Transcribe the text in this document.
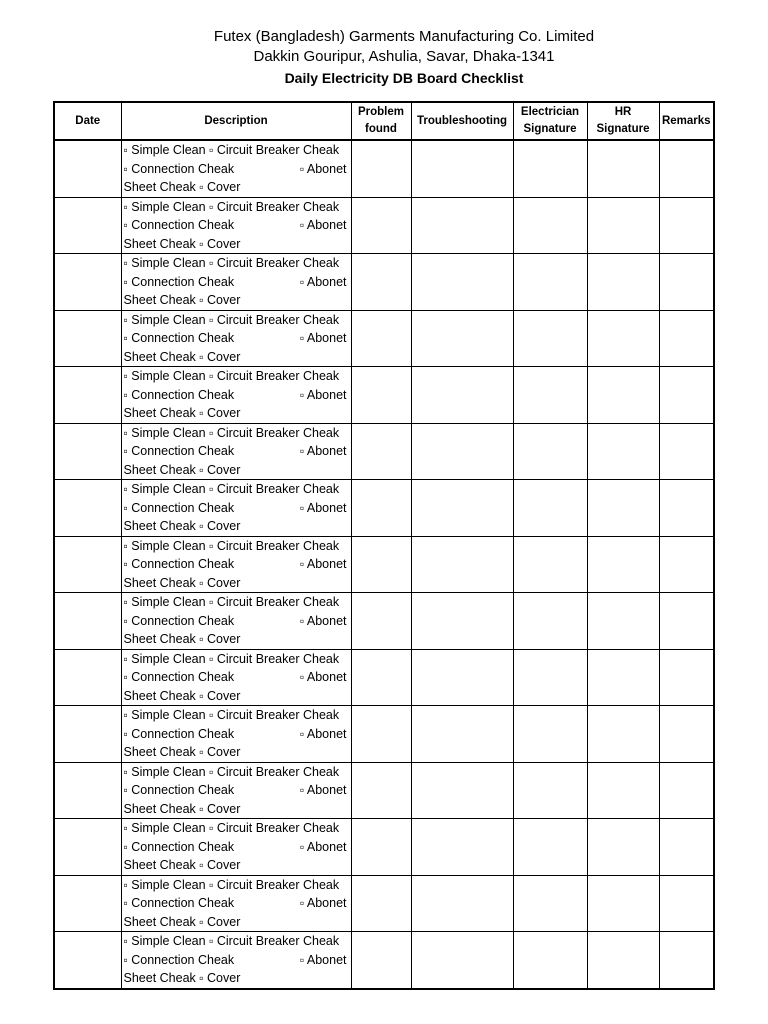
Futex (Bangladesh) Garments Manufacturing Co. Limited
Dakkin Gouripur, Ashulia, Savar, Dhaka-1341
Daily Electricity DB Board Checklist
Date	Description	Problem found	Troubleshooting	Electrician Signature	HR Signature	Remarks

	▫ Simple Clean ▫ Circuit Breaker Cheak
▫ Connection Cheak ▫ Abonet
Sheet Cheak ▫ Cover					

	▫ Simple Clean ▫ Circuit Breaker Cheak
▫ Connection Cheak ▫ Abonet
Sheet Cheak ▫ Cover					

	▫ Simple Clean ▫ Circuit Breaker Cheak
▫ Connection Cheak ▫ Abonet
Sheet Cheak ▫ Cover					

	▫ Simple Clean ▫ Circuit Breaker Cheak
▫ Connection Cheak ▫ Abonet
Sheet Cheak ▫ Cover					

	▫ Simple Clean ▫ Circuit Breaker Cheak
▫ Connection Cheak ▫ Abonet
Sheet Cheak ▫ Cover					

	▫ Simple Clean ▫ Circuit Breaker Cheak
▫ Connection Cheak ▫ Abonet
Sheet Cheak ▫ Cover					

	▫ Simple Clean ▫ Circuit Breaker Cheak
▫ Connection Cheak ▫ Abonet
Sheet Cheak ▫ Cover					

	▫ Simple Clean ▫ Circuit Breaker Cheak
▫ Connection Cheak ▫ Abonet
Sheet Cheak ▫ Cover					

	▫ Simple Clean ▫ Circuit Breaker Cheak
▫ Connection Cheak ▫ Abonet
Sheet Cheak ▫ Cover					

	▫ Simple Clean ▫ Circuit Breaker Cheak
▫ Connection Cheak ▫ Abonet
Sheet Cheak ▫ Cover					

	▫ Simple Clean ▫ Circuit Breaker Cheak
▫ Connection Cheak ▫ Abonet
Sheet Cheak ▫ Cover					

	▫ Simple Clean ▫ Circuit Breaker Cheak
▫ Connection Cheak ▫ Abonet
Sheet Cheak ▫ Cover					

	▫ Simple Clean ▫ Circuit Breaker Cheak
▫ Connection Cheak ▫ Abonet
Sheet Cheak ▫ Cover					

	▫ Simple Clean ▫ Circuit Breaker Cheak
▫ Connection Cheak ▫ Abonet
Sheet Cheak ▫ Cover					

	▫ Simple Clean ▫ Circuit Breaker Cheak
▫ Connection Cheak ▫ Abonet
Sheet Cheak ▫ Cover					
